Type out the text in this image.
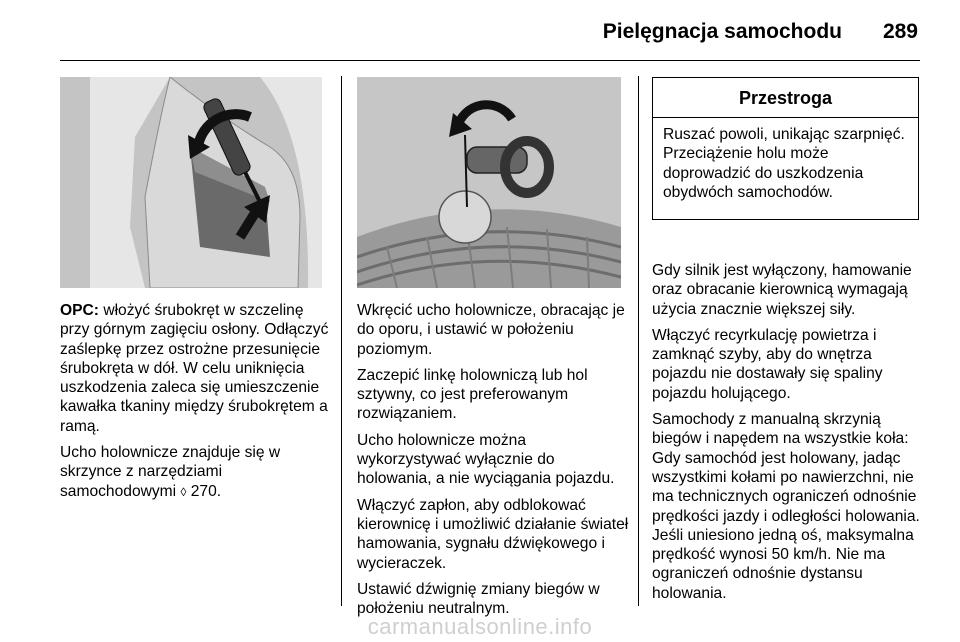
Pielęgnacja samochodu 289

OPC: włożyć śrubokręt w szczelinę przy górnym zagięciu osłony. Odłączyć zaślepkę przez ostrożne przesunięcie śrubokręta w dół. W celu uniknięcia uszkodzenia zaleca się umieszczenie kawałka tkaniny między śrubokrętem a ramą.

Ucho holownicze znajduje się w skrzynce z narzędziami samochodowymi ◊ 270.

Wkręcić ucho holownicze, obracając je do oporu, i ustawić w położeniu poziomym.

Zaczepić linkę holowniczą lub hol sztywny, co jest preferowanym rozwiązaniem.

Ucho holownicze można wykorzystywać wyłącznie do holowania, a nie wyciągania pojazdu.

Włączyć zapłon, aby odblokować kierownicę i umożliwić działanie świateł hamowania, sygnału dźwiękowego i wycieraczek.

Ustawić dźwignię zmiany biegów w położeniu neutralnym.

Przestroga
Ruszać powoli, unikając szarpnięć. Przeciążenie holu może doprowadzić do uszkodzenia obydwóch samochodów.

Gdy silnik jest wyłączony, hamowanie oraz obracanie kierownicą wymagają użycia znacznie większej siły.

Włączyć recyrkulację powietrza i zamknąć szyby, aby do wnętrza pojazdu nie dostawały się spaliny pojazdu holującego.

Samochody z manualną skrzynią biegów i napędem na wszystkie koła: Gdy samochód jest holowany, jadąc wszystkimi kołami po nawierzchni, nie ma technicznych ograniczeń odnośnie prędkości jazdy i odległości holowania. Jeśli uniesiono jedną oś, maksymalna prędkość wynosi 50 km/h. Nie ma ograniczeń odnośnie dystansu holowania.

carmanualsonline.info
